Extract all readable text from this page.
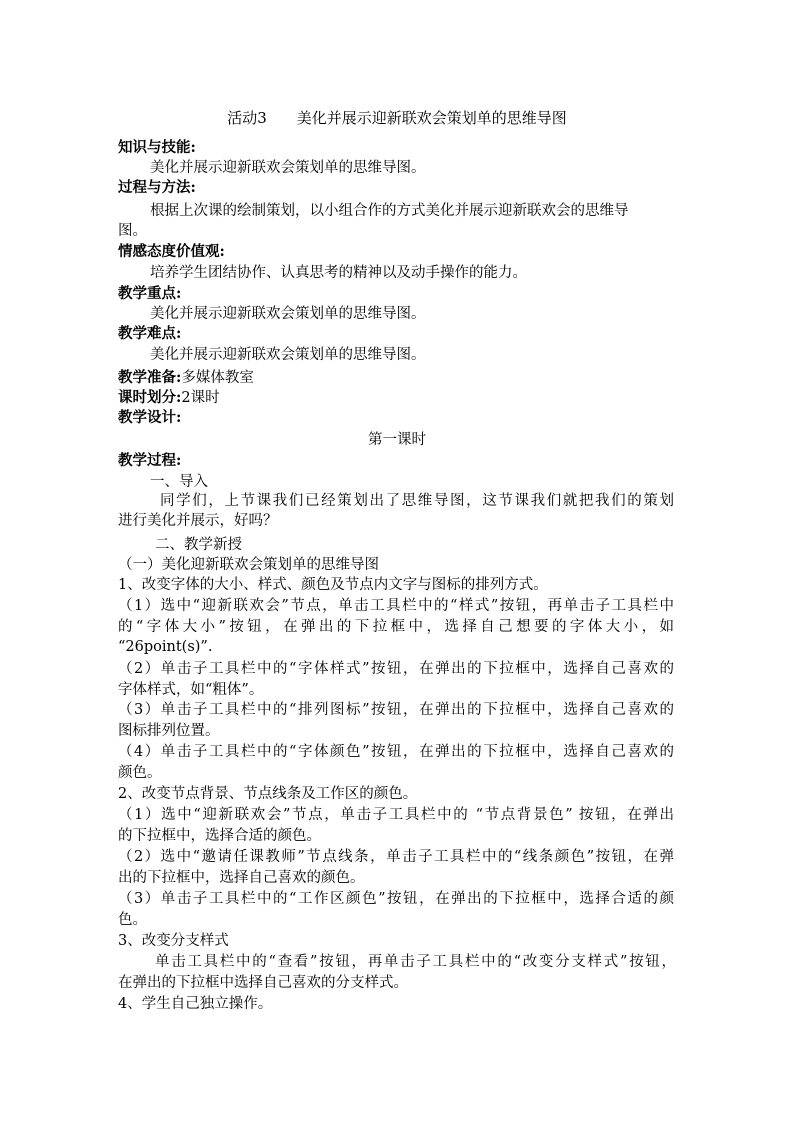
活动3　　美化并展示迎新联欢会策划单的思维导图
知识与技能:
美化并展示迎新联欢会策划单的思维导图。
过程与方法:
根据上次课的绘制策划，以小组合作的方式美化并展示迎新联欢会的思维导
图。
情感态度价值观:
培养学生团结协作、认真思考的精神以及动手操作的能力。
教学重点:
美化并展示迎新联欢会策划单的思维导图。
教学难点:
美化并展示迎新联欢会策划单的思维导图。
教学准备:多媒体教室
课时划分:2课时
教学设计:
第一课时
教学过程:
一、导入
同学们，上节课我们已经策划出了思维导图，这节课我们就把我们的策划
进行美化并展示，好吗？
二、教学新授
（一）美化迎新联欢会策划单的思维导图
1、改变字体的大小、样式、颜色及节点内文字与图标的排列方式。
（1）选中“迎新联欢会”节点，单击工具栏中的“样式”按钮，再单击子工具栏中
的“字体大小”按钮，在弹出的下拉框中，选择自己想要的字体大小，如
“26point(s)”.
（2）单击子工具栏中的“字体样式”按钮，在弹出的下拉框中，选择自己喜欢的
字体样式，如“粗体”。
（3）单击子工具栏中的“排列图标”按钮，在弹出的下拉框中，选择自己喜欢的
图标排列位置。
（4）单击子工具栏中的“字体颜色”按钮，在弹出的下拉框中，选择自己喜欢的
颜色。
2、改变节点背景、节点线条及工作区的颜色。
（1）选中“迎新联欢会”节点，单击子工具栏中的 “节点背景色” 按钮，在弹出
的下拉框中，选择合适的颜色。
（2）选中“邀请任课教师”节点线条，单击子工具栏中的“线条颜色”按钮，在弹
出的下拉框中，选择自己喜欢的颜色。
（3）单击子工具栏中的“工作区颜色”按钮，在弹出的下拉框中，选择合适的颜
色。
3、改变分支样式
单击工具栏中的“查看”按钮，再单击子工具栏中的“改变分支样式”按钮，
在弹出的下拉框中选择自己喜欢的分支样式。
4、学生自己独立操作。
